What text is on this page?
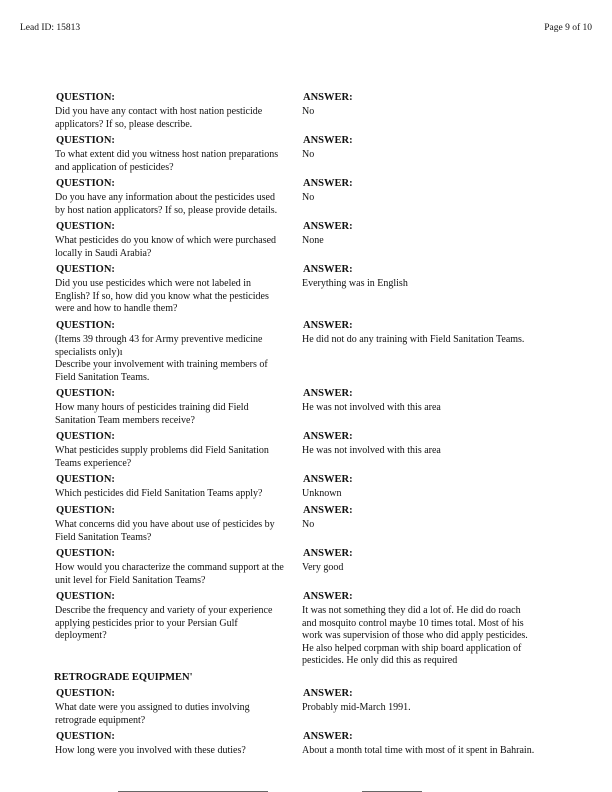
Lead ID: 15813	Page 9 of 10
QUESTION:
Did you have any contact with host nation pesticide
applicators? If so, please describe.
ANSWER:
No
QUESTION:
To what extent did you witness host nation preparations
and application of pesticides?
ANSWER:
No
QUESTION:
Do you have any information about the pesticides used
by host nation applicators? If so, please provide details.
ANSWER:
No
QUESTION:
What pesticides do you know of which were purchased
locally in Saudi Arabia?
ANSWER:
None
QUESTION:
Did you use pesticides which were not labeled in
English? If so, how did you know what the pesticides
were and how to handle them?
ANSWER:
Everything was in English
QUESTION:
(Items 39 through 43 for Army preventive medicine
specialists only)ı
Describe your involvement with training members of
Field Sanitation Teams.
ANSWER:
He did not do any training with Field Sanitation Teams.
QUESTION:
How many hours of pesticides training did Field
Sanitation Team members receive?
ANSWER:
He was not involved with this area
QUESTION:
What pesticides supply problems did Field Sanitation
Teams experience?
ANSWER:
He was not involved with this area
QUESTION:
Which pesticides did Field Sanitation Teams apply?
ANSWER:
Unknown
QUESTION:
What concerns did you have about use of pesticides by
Field Sanitation Teams?
ANSWER:
No
QUESTION:
How would you characterize the command support at the
unit level for Field Sanitation Teams?
ANSWER:
Very good
QUESTION:
Describe the frequency and variety of your experience
applying pesticides prior to your Persian Gulf
deployment?
ANSWER:
It was not something they did a lot of. He did do roach
and mosquito control maybe 10 times total. Most of his
work was supervision of those who did apply pesticides.
He also helped corpman with ship board application of
pesticides. He only did this as required
RETROGRADE EQUIPMEN'
QUESTION:
What date were you assigned to duties involving
retrograde equipment?
ANSWER:
Probably mid-March 1991.
QUESTION:
How long were you involved with these duties?
ANSWER:
About a month total time with most of it spent in Bahrain.
